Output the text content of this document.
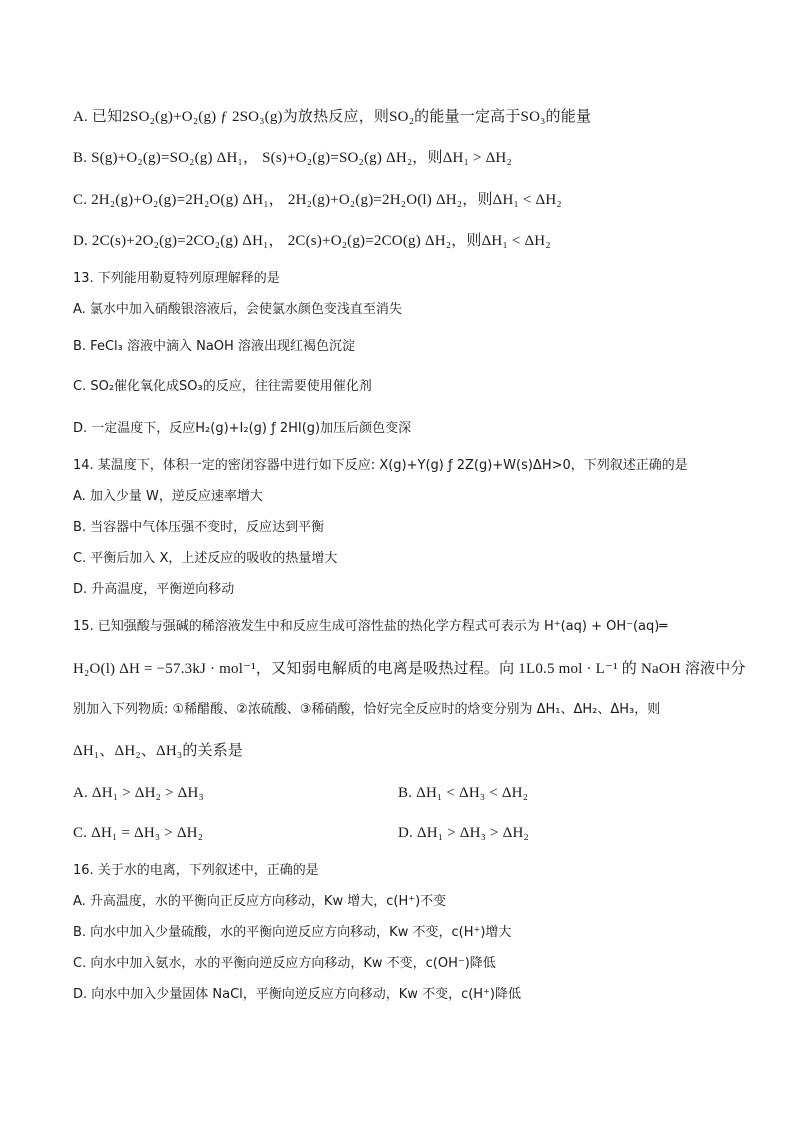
A. 已知2SO₂(g)+O₂(g) ƒ 2SO₃(g)为放热反应，则SO₂的能量一定高于SO₃的能量
B. S(g)+O₂(g)=SO₂(g) ΔH₁， S(s)+O₂(g)=SO₂(g) ΔH₂，则ΔH₁ > ΔH₂
C. 2H₂(g)+O₂(g)=2H₂O(g) ΔH₁， 2H₂(g)+O₂(g)=2H₂O(l) ΔH₂，则ΔH₁ < ΔH₂
D. 2C(s)+2O₂(g)=2CO₂(g) ΔH₁， 2C(s)+O₂(g)=2CO(g) ΔH₂，则ΔH₁ < ΔH₂
13. 下列能用勒夏特列原理解释的是
A. 氯水中加入硝酸银溶液后，会使氯水颜色变浅直至消失
B. FeCl₃ 溶液中滴入 NaOH 溶液出现红褐色沉淀
C. SO₂催化氧化成SO₃的反应，往往需要使用催化剂
D. 一定温度下，反应H₂(g)+I₂(g) ƒ 2HI(g)加压后颜色变深
14. 某温度下，体积一定的密闭容器中进行如下反应: X(g)+Y(g) ƒ 2Z(g)+W(s)ΔH>0，下列叙述正确的是
A. 加入少量 W，逆反应速率增大
B. 当容器中气体压强不变时，反应达到平衡
C. 平衡后加入 X，上述反应的吸收的热量增大
D. 升高温度，平衡逆向移动
15. 已知强酸与强碱的稀溶液发生中和反应生成可溶性盐的热化学方程式可表示为 H⁺(aq) + OH⁻(aq)═
H₂O(l) ΔH = −57.3kJ · mol⁻¹，又知弱电解质的电离是吸热过程。向 1L0.5 mol · L⁻¹ 的 NaOH 溶液中分
别加入下列物质: ①稀醋酸、②浓硫酸、③稀硝酸，恰好完全反应时的焓变分别为 ΔH₁、ΔH₂、ΔH₃，则
ΔH₁、ΔH₂、ΔH₃的关系是
16. 关于水的电离，下列叙述中，正确的是
A. 升高温度，水的平衡向正反应方向移动，Kw 增大，c(H⁺)不变
B. 向水中加入少量硫酸，水的平衡向逆反应方向移动，Kw 不变，c(H⁺)增大
C. 向水中加入氨水，水的平衡向逆反应方向移动，Kw 不变，c(OH⁻)降低
D. 向水中加入少量固体 NaCl，平衡向逆反应方向移动，Kw 不变，c(H⁺)降低
A. ΔH₁ > ΔH₂ > ΔH₃	B. ΔH₁ < ΔH₃ < ΔH₂
C. ΔH₁ = ΔH₃ > ΔH₂	D. ΔH₁ > ΔH₃ > ΔH₂
